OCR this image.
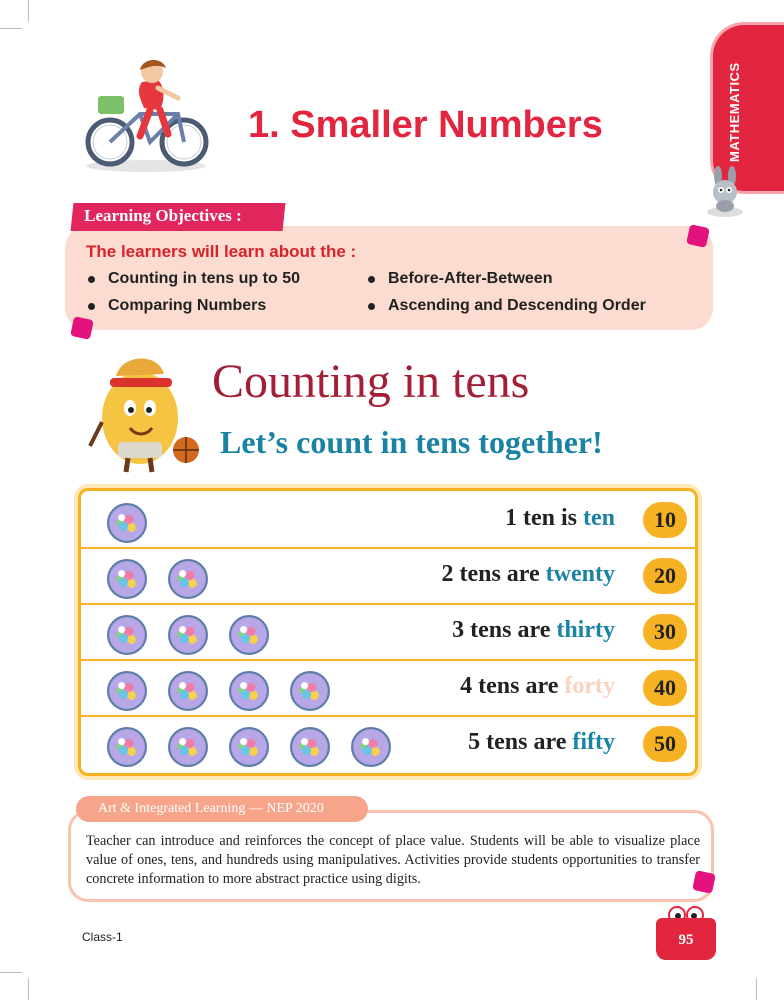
MATHEMATICS
1. Smaller Numbers
Learning Objectives :
The learners will learn about the :
Counting in tens up to 50
Comparing Numbers
Before-After-Between
Ascending and Descending Order
Counting in tens
Let’s count in tens together!
1 ten is ten	10
2 tens are twenty	20
3 tens are thirty	30
4 tens are forty	40
5 tens are fifty	50
Art & Integrated Learning — NEP 2020
Teacher can introduce and reinforces the concept of place value. Students will be able to visualize place value of ones, tens, and hundreds using manipulatives. Activities provide students opportunities to transfer concrete information to more abstract practice using digits.
Class-1	95
